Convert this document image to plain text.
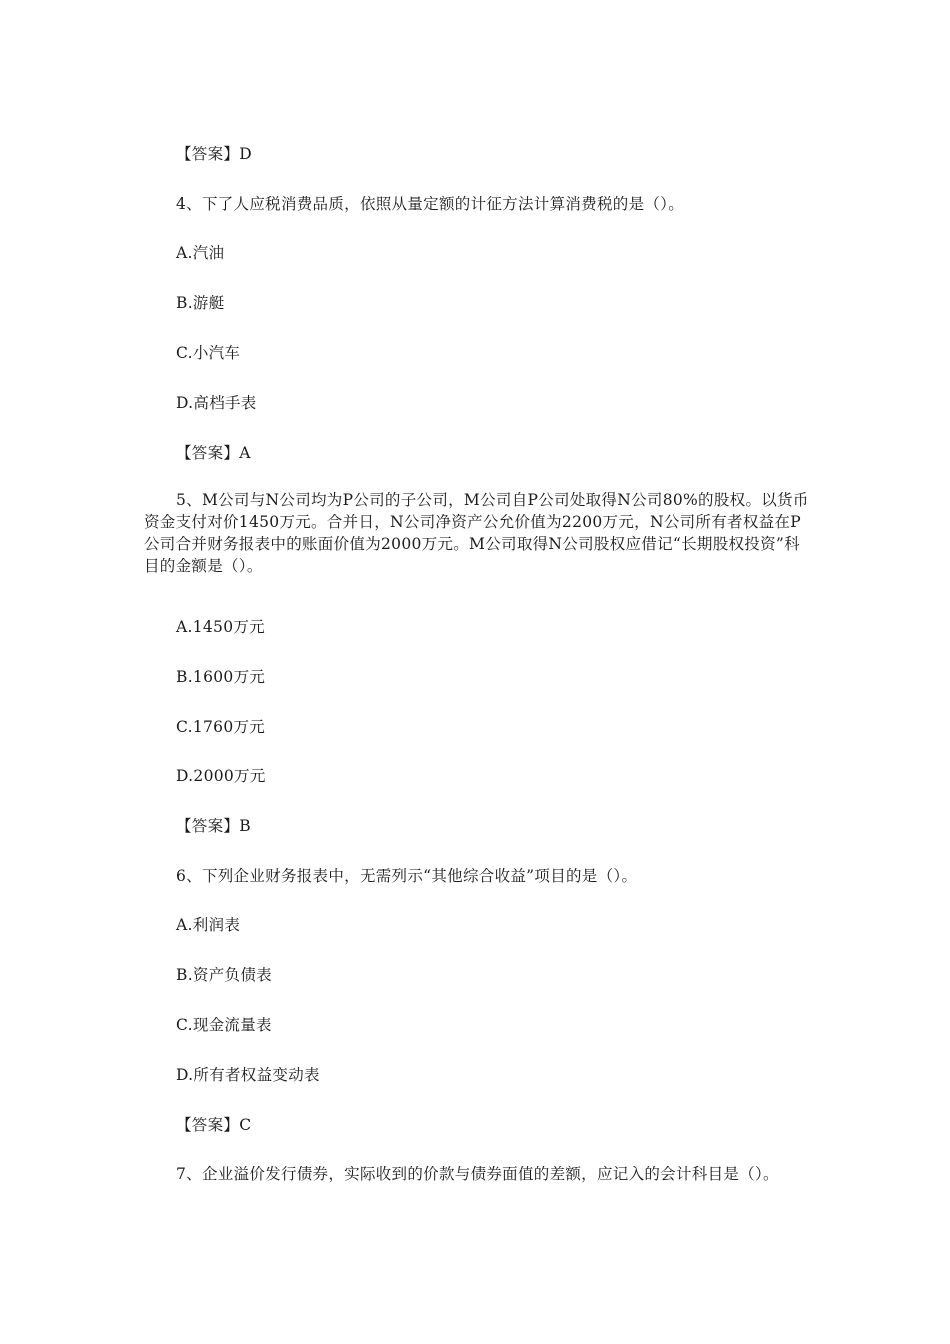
【答案】D
4、下了人应税消费品质，依照从量定额的计征方法计算消费税的是（）。
A.汽油
B.游艇
C.小汽车
D.高档手表
【答案】A
5、M公司与N公司均为P公司的子公司，M公司自P公司处取得N公司80%的股权。以货币资金支付对价1450万元。合并日，N公司净资产公允价值为2200万元，N公司所有者权益在P公司合并财务报表中的账面价值为2000万元。M公司取得N公司股权应借记“长期股权投资”科目的金额是（）。
A.1450万元
B.1600万元
C.1760万元
D.2000万元
【答案】B
6、下列企业财务报表中，无需列示“其他综合收益”项目的是（）。
A.利润表
B.资产负债表
C.现金流量表
D.所有者权益变动表
【答案】C
7、企业溢价发行债券，实际收到的价款与债券面值的差额，应记入的会计科目是（）。
